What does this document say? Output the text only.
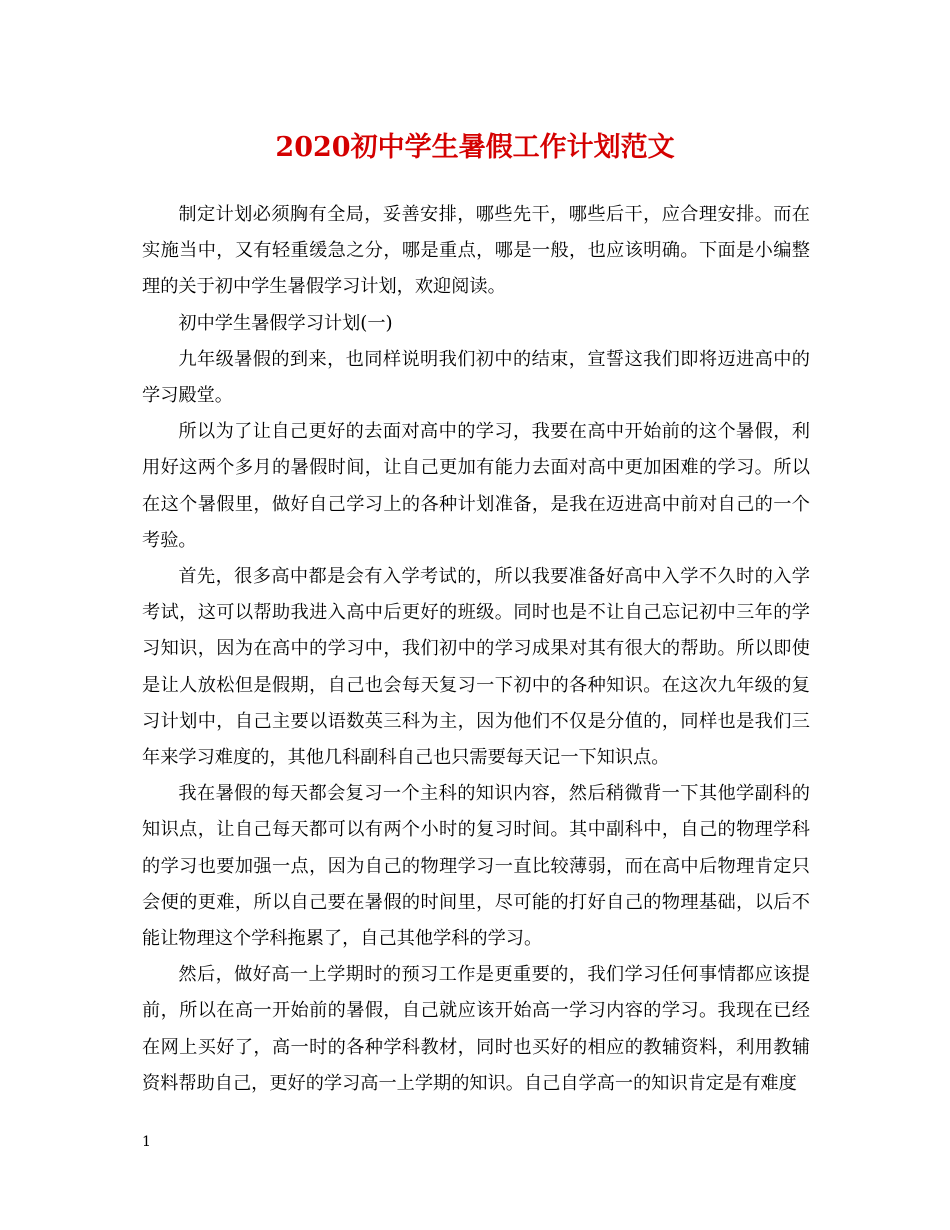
2020初中学生暑假工作计划范文

制定计划必须胸有全局，妥善安排，哪些先干，哪些后干，应合理安排。而在实施当中，又有轻重缓急之分，哪是重点，哪是一般，也应该明确。下面是小编整理的关于初中学生暑假学习计划，欢迎阅读。

初中学生暑假学习计划(一)

九年级暑假的到来，也同样说明我们初中的结束，宣誓这我们即将迈进高中的学习殿堂。

所以为了让自己更好的去面对高中的学习，我要在高中开始前的这个暑假，利用好这两个多月的暑假时间，让自己更加有能力去面对高中更加困难的学习。所以在这个暑假里，做好自己学习上的各种计划准备，是我在迈进高中前对自己的一个考验。

首先，很多高中都是会有入学考试的，所以我要准备好高中入学不久时的入学考试，这可以帮助我进入高中后更好的班级。同时也是不让自己忘记初中三年的学习知识，因为在高中的学习中，我们初中的学习成果对其有很大的帮助。所以即使是让人放松但是假期，自己也会每天复习一下初中的各种知识。在这次九年级的复习计划中，自己主要以语数英三科为主，因为他们不仅是分值的，同样也是我们三年来学习难度的，其他几科副科自己也只需要每天记一下知识点。

我在暑假的每天都会复习一个主科的知识内容，然后稍微背一下其他学副科的知识点，让自己每天都可以有两个小时的复习时间。其中副科中，自己的物理学科的学习也要加强一点，因为自己的物理学习一直比较薄弱，而在高中后物理肯定只会便的更难，所以自己要在暑假的时间里，尽可能的打好自己的物理基础，以后不能让物理这个学科拖累了，自己其他学科的学习。

然后，做好高一上学期时的预习工作是更重要的，我们学习任何事情都应该提前，所以在高一开始前的暑假，自己就应该开始高一学习内容的学习。我现在已经在网上买好了，高一时的各种学科教材，同时也买好的相应的教辅资料，利用教辅资料帮助自己，更好的学习高一上学期的知识。自己自学高一的知识肯定是有难度

1
